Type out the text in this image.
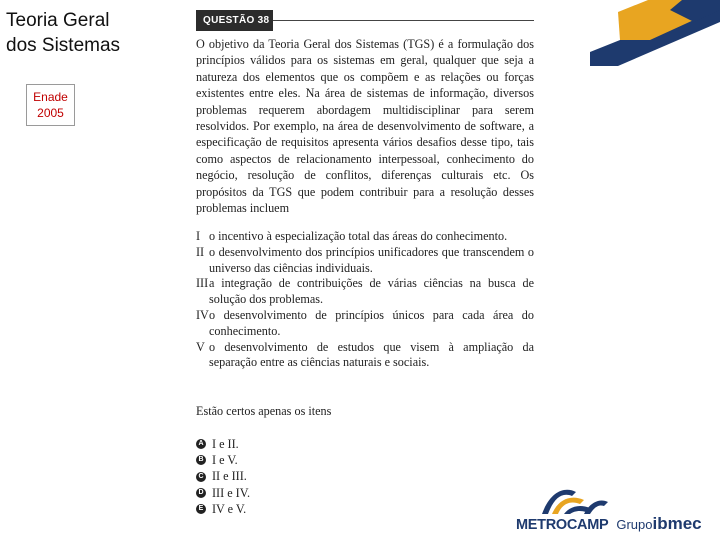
Teoria Geral
dos Sistemas
Enade
2005
QUESTÃO 38
O objetivo da Teoria Geral dos Sistemas (TGS) é a formulação dos princípios válidos para os sistemas em geral, qualquer que seja a natureza dos elementos que os compõem e as relações ou forças existentes entre eles. Na área de sistemas de informação, diversos problemas requerem abordagem multidisciplinar para serem resolvidos. Por exemplo, na área de desenvolvimento de software, a especificação de requisitos apresenta vários desafios desse tipo, tais como aspectos de relacionamento interpessoal, conhecimento do negócio, resolução de conflitos, diferenças culturais etc. Os propósitos da TGS que podem contribuir para a resolução desses problemas incluem
I o incentivo à especialização total das áreas do conhecimento.
II o desenvolvimento dos princípios unificadores que transcendem o universo das ciências individuais.
III a integração de contribuições de várias ciências na busca de solução dos problemas.
IV o desenvolvimento de princípios únicos para cada área do conhecimento.
V o desenvolvimento de estudos que visem à ampliação da separação entre as ciências naturais e sociais.
Estão certos apenas os itens
A I e II.
B I e V.
C II e III.
D III e IV.
E IV e V.
METROCAMP Grupoibmec
